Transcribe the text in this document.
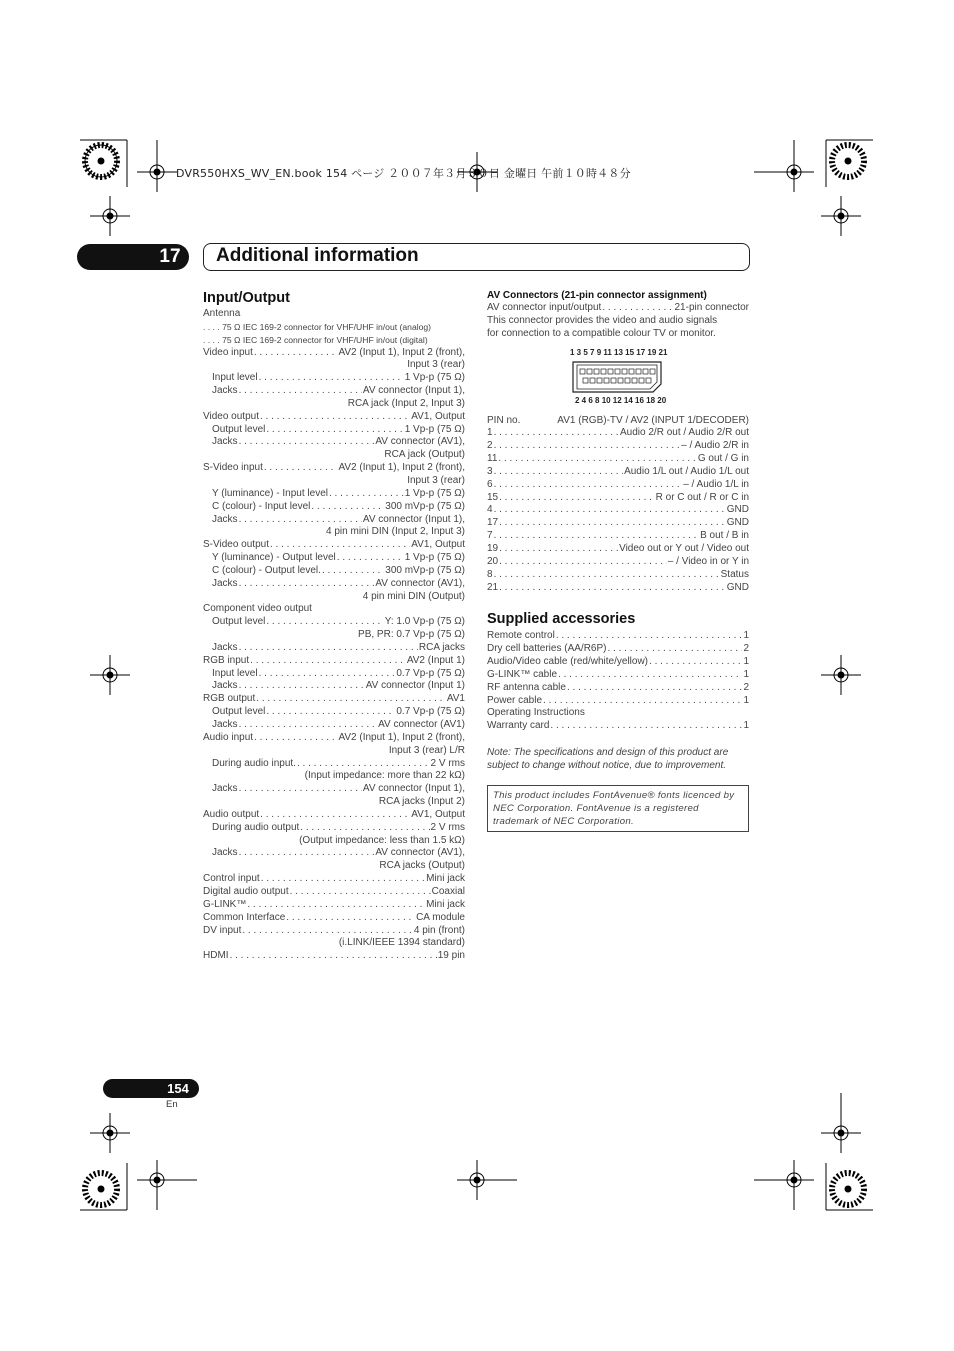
DVR550HXS_WV_EN.book 154 ページ ２００７年３月３０日 金曜日 午前１０時４８分
17	Additional information
Input/Output
Antenna
. . . . 75 Ω IEC 169-2 connector for VHF/UHF in/out (analog)
. . . . 75 Ω IEC 169-2 connector for VHF/UHF in/out (digital)
Video input . . .	AV2 (Input 1), Input 2 (front),
Input 3 (rear)
Input level . . .	1 Vp-p (75 Ω)
Jacks . . .	AV connector (Input 1),
RCA jack (Input 2, Input 3)
Video output . . .	AV1, Output
Output level . . .	1 Vp-p (75 Ω)
Jacks . . .	AV connector (AV1),
RCA jack (Output)
S-Video input . . .	AV2 (Input 1), Input 2 (front),
Input 3 (rear)
Y (luminance) - Input level . . .	1 Vp-p (75 Ω)
C (colour) - Input level . . .	300 mVp-p (75 Ω)
Jacks . . .	AV connector (Input 1),
4 pin mini DIN (Input 2, Input 3)
S-Video output . . .	AV1, Output
Y (luminance) - Output level . . .	1 Vp-p (75 Ω)
C (colour) - Output level. . . .	300 mVp-p (75 Ω)
Jacks . . .	AV connector (AV1),
4 pin mini DIN (Output)
Component video output
Output level . . .	Y: 1.0 Vp-p (75 Ω)
PB, PR: 0.7 Vp-p (75 Ω)
Jacks . . .	RCA jacks
RGB input . . .	AV2 (Input 1)
Input level . . .	0.7 Vp-p (75 Ω)
Jacks . . .	AV connector (Input 1)
RGB output . . .	AV1
Output level . . .	0.7 Vp-p (75 Ω)
Jacks . . .	AV connector (AV1)
Audio input . . .	AV2 (Input 1), Input 2 (front),
Input 3 (rear) L/R
During audio input. . . .	2 V rms
(Input impedance: more than 22 kΩ)
Jacks . . .	AV connector (Input 1),
RCA jacks (Input 2)
Audio output . . .	AV1, Output
During audio output . . .	2 V rms
(Output impedance: less than 1.5 kΩ)
Jacks . . .	AV connector (AV1),
RCA jacks (Output)
Control input . . .	Mini jack
Digital audio output . . .	Coaxial
G-LINK™ . . .	Mini jack
Common Interface . . .	CA module
DV input . . .	4 pin (front)
(i.LINK/IEEE 1394 standard)
HDMI . . .	19 pin
AV Connectors (21-pin connector assignment)
AV connector input/output . . .	21-pin connector
This connector provides the video and audio signals
for connection to a compatible colour TV or monitor.
1 3 5 7 9 11 13 15 17 19 21
2 4 6 8 10 12 14 16 18 20
PIN no.	AV1 (RGB)-TV / AV2 (INPUT 1/DECODER)
1 . . .	Audio 2/R out / Audio 2/R out
2 . . .	– / Audio 2/R in
11 . . .	G out / G in
3 . . .	Audio 1/L out / Audio 1/L out
6 . . .	– / Audio 1/L in
15 . . .	R or C out / R or C in
4 . . .	GND
17 . . .	GND
7 . . .	B out / B in
19 . . .	Video out or Y out / Video out
20 . . .	– / Video in or Y in
8 . . .	Status
21 . . .	GND
Supplied accessories
Remote control . . .	1
Dry cell batteries (AA/R6P) . . .	2
Audio/Video cable (red/white/yellow) . . .	1
G-LINK™ cable . . .	1
RF antenna cable . . .	2
Power cable . . .	1
Operating Instructions
Warranty card . . .	1
Note: The specifications and design of this product are subject to change without notice, due to improvement.
This product includes FontAvenue® fonts licenced by NEC Corporation. FontAvenue is a registered trademark of NEC Corporation.
154
En
